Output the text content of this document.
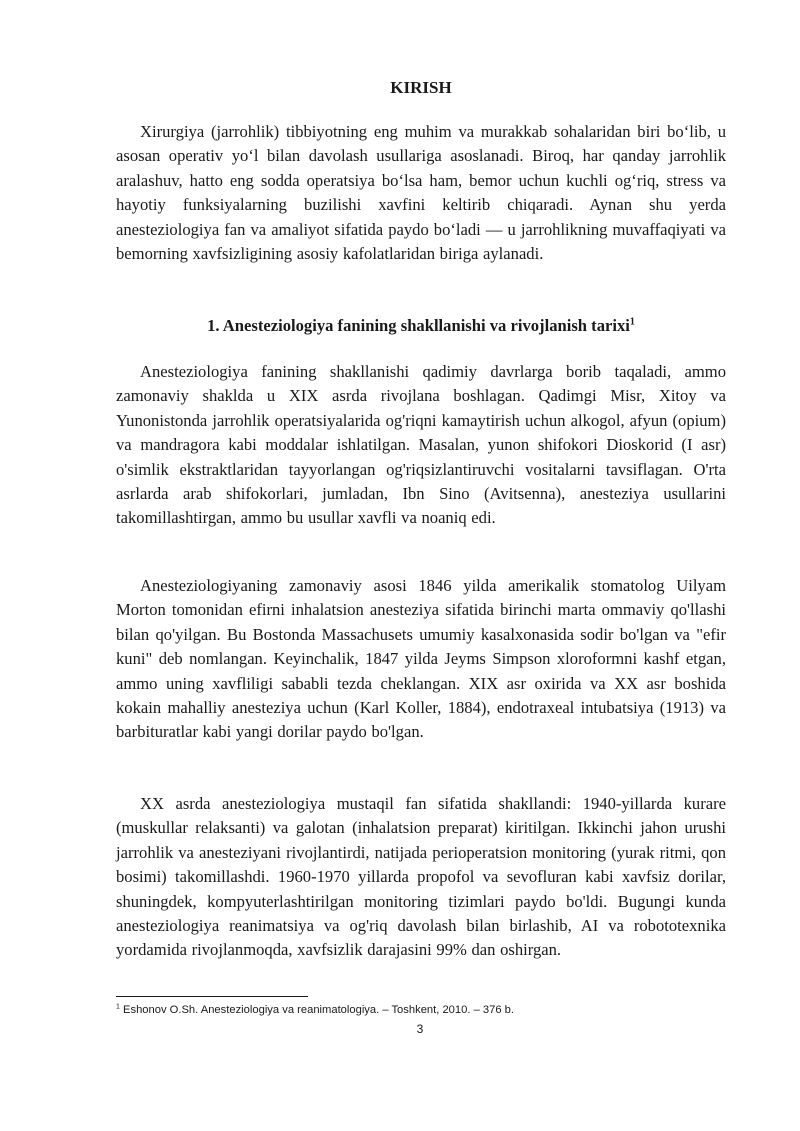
KIRISH

Xirurgiya (jarrohlik) tibbiyotning eng muhim va murakkab sohalaridan biri bo‘lib, u asosan operativ yo‘l bilan davolash usullariga asoslanadi. Biroq, har qanday jarrohlik aralashuv, hatto eng sodda operatsiya bo‘lsa ham, bemor uchun kuchli og‘riq, stress va hayotiy funksiyalarning buzilishi xavfini keltirib chiqaradi. Aynan shu yerda anesteziologiya fan va amaliyot sifatida paydo bo‘ladi — u jarrohlikning muvaffaqiyati va bemorning xavfsizligining asosiy kafolatlaridan biriga aylanadi.

1. Anesteziologiya fanining shakllanishi va rivojlanish tarixi$^1$

Anesteziologiya fanining shakllanishi qadimiy davrlarga borib taqaladi, ammo zamonaviy shaklda u XIX asrda rivojlana boshlagan. Qadimgi Misr, Xitoy va Yunonistonda jarrohlik operatsiyalarida og'riqni kamaytirish uchun alkogol, afyun (opium) va mandragora kabi moddalar ishlatilgan. Masalan, yunon shifokori Dioskorid (I asr) o'simlik ekstraktlaridan tayyorlangan og'riqsizlantiruvchi vositalarni tavsiflagan. O'rta asrlarda arab shifokorlari, jumladan, Ibn Sino (Avitsenna), anesteziya usullarini takomillashtirgan, ammo bu usullar xavfli va noaniq edi.

Anesteziologiyaning zamonaviy asosi 1846 yilda amerikalik stomatolog Uilyam Morton tomonidan efirni inhalatsion anesteziya sifatida birinchi marta ommaviy qo'llashi bilan qo'yilgan. Bu Bostonda Massachusets umumiy kasalxonasida sodir bo'lgan va "efir kuni" deb nomlangan. Keyinchalik, 1847 yilda Jeyms Simpson xloroformni kashf etgan, ammo uning xavfliligi sababli tezda cheklangan. XIX asr oxirida va XX asr boshida kokain mahalliy anesteziya uchun (Karl Koller, 1884), endotraxeal intubatsiya (1913) va barbituratlar kabi yangi dorilar paydo bo'lgan.

XX asrda anesteziologiya mustaqil fan sifatida shakllandi: 1940-yillarda kurare (muskullar relaksanti) va galotan (inhalatsion preparat) kiritilgan. Ikkinchi jahon urushi jarrohlik va anesteziyani rivojlantirdi, natijada perioperatsion monitoring (yurak ritmi, qon bosimi) takomillashdi. 1960-1970 yillarda propofol va sevofluran kabi xavfsiz dorilar, shuningdek, kompyuterlashtirilgan monitoring tizimlari paydo bo'ldi. Bugungi kunda anesteziologiya reanimatsiya va og'riq davolash bilan birlashib, AI va robototexnika yordamida rivojlanmoqda, xavfsizlik darajasini 99% dan oshirgan.

$^1$ Eshonov O.Sh. Anesteziologiya va reanimatologiya. – Toshkent, 2010. – 376 b.

3
